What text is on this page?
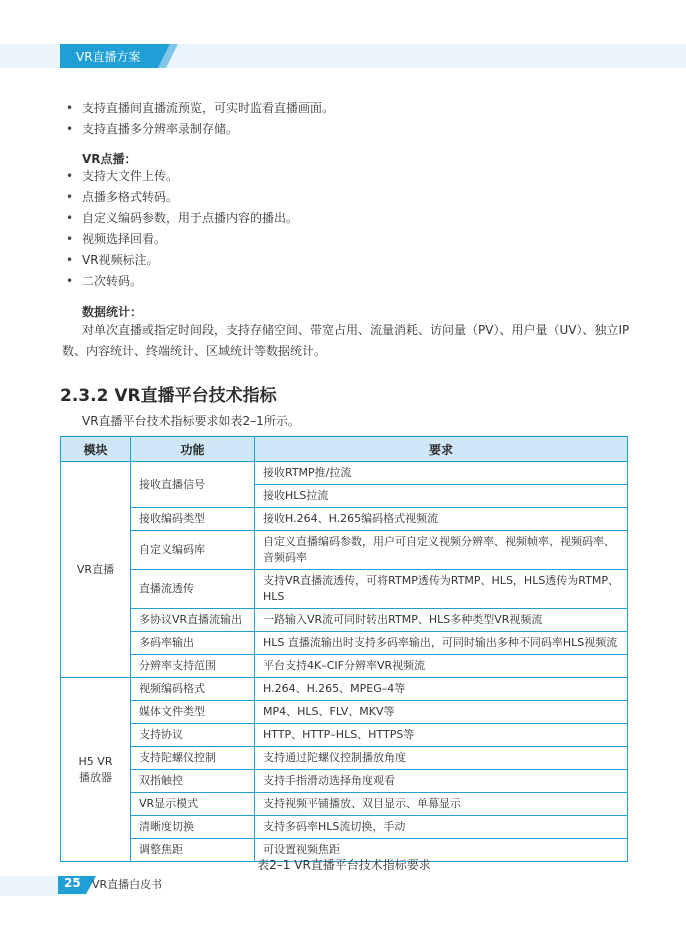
VR直播方案
• 支持直播间直播流预览，可实时监看直播画面。
• 支持直播多分辨率录制存储。
VR点播：
• 支持大文件上传。
• 点播多格式转码。
• 自定义编码参数，用于点播内容的播出。
• 视频选择回看。
• VR视频标注。
• 二次转码。
数据统计：
对单次直播或指定时间段，支持存储空间、带宽占用、流量消耗、访问量（PV）、用户量（UV）、独立IP数、内容统计、终端统计、区域统计等数据统计。
2.3.2 VR直播平台技术指标
VR直播平台技术指标要求如表2–1所示。
模块	功能	要求
VR直播	接收直播信号	接收RTMP推/拉流
		接收HLS拉流
	接收编码类型	接收H.264、H.265编码格式视频流
	自定义编码库	自定义直播编码参数，用户可自定义视频分辨率、视频帧率、视频码率、音频码率
	直播流透传	支持VR直播流透传，可将RTMP透传为RTMP、HLS，HLS透传为RTMP、HLS
	多协议VR直播流输出	一路输入VR流可同时转出RTMP、HLS多种类型VR视频流
	多码率输出	HLS 直播流输出时支持多码率输出，可同时输出多种不同码率HLS视频流
	分辨率支持范围	平台支持4K–CIF分辨率VR视频流
H5 VR
播放器	视频编码格式	H.264、H.265、MPEG–4等
	媒体文件类型	MP4、HLS、FLV、MKV等
	支持协议	HTTP、HTTP–HLS、HTTPS等
	支持陀螺仪控制	支持通过陀螺仪控制播放角度
	双指触控	支持手指滑动选择角度观看
	VR显示模式	支持视频平铺播放、双目显示、单幕显示
	清晰度切换	支持多码率HLS流切换，手动
	调整焦距	可设置视频焦距
表2–1 VR直播平台技术指标要求
25 VR直播白皮书
